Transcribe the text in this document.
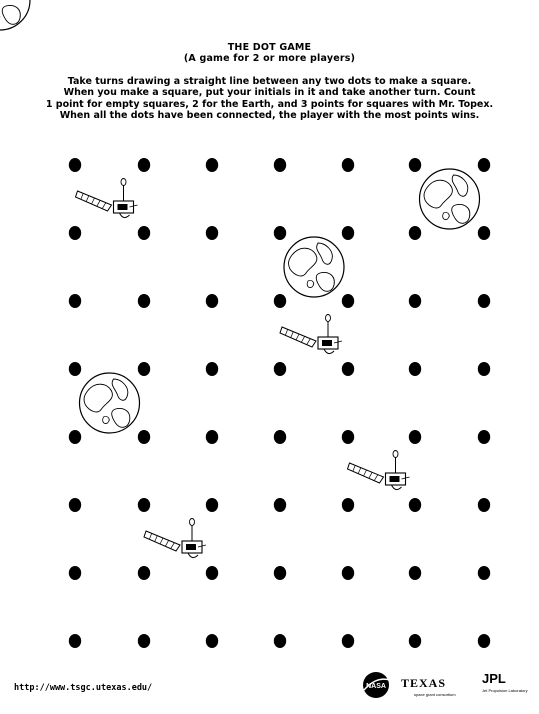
THE DOT GAME
(A game for 2 or more players)
Take turns drawing a straight line between any two dots to make a square.
When you make a square, put your initials in it and take another turn. Count
1 point for empty squares, 2 for the Earth, and 3 points for squares with Mr. Topex.
When all the dots have been connected, the player with the most points wins.
http://www.tsgc.utexas.edu/	NASA TEXAS
space grant consortium
JPL
Jet Propulsion Laboratory
